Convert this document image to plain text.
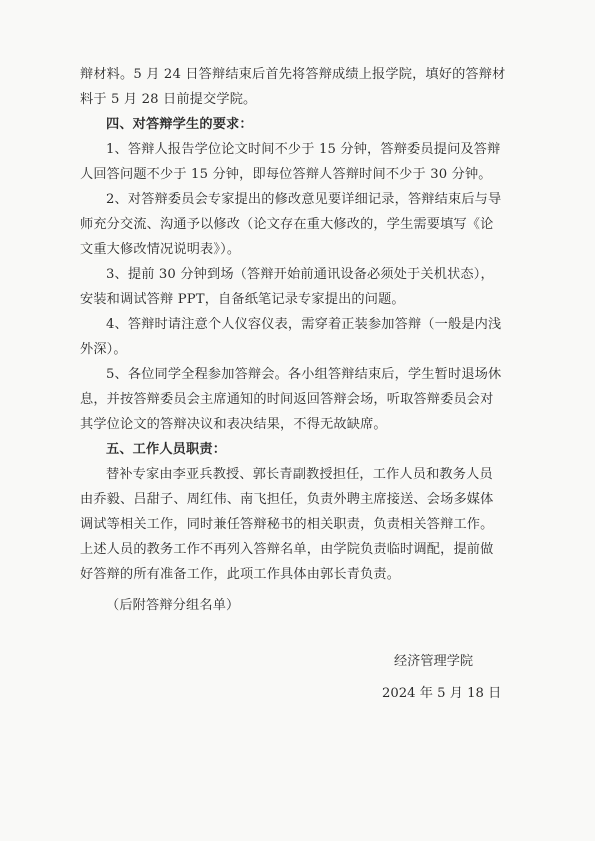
辩材料。5 月 24 日答辩结束后首先将答辩成绩上报学院，填好的答辩材
料于 5 月 28 日前提交学院。
四、对答辩学生的要求：
1、答辩人报告学位论文时间不少于 15 分钟，答辩委员提问及答辩
人回答问题不少于 15 分钟，即每位答辩人答辩时间不少于 30 分钟。
2、对答辩委员会专家提出的修改意见要详细记录，答辩结束后与导
师充分交流、沟通予以修改（论文存在重大修改的，学生需要填写《论
文重大修改情况说明表》）。
3、提前 30 分钟到场（答辩开始前通讯设备必须处于关机状态），
安装和调试答辩 PPT，自备纸笔记录专家提出的问题。
4、答辩时请注意个人仪容仪表，需穿着正装参加答辩（一般是内浅
外深）。
5、各位同学全程参加答辩会。各小组答辩结束后，学生暂时退场休
息，并按答辩委员会主席通知的时间返回答辩会场，听取答辩委员会对
其学位论文的答辩决议和表决结果，不得无故缺席。
五、工作人员职责：
替补专家由李亚兵教授、郭长青副教授担任，工作人员和教务人员
由乔毅、吕甜子、周红伟、南飞担任，负责外聘主席接送、会场多媒体
调试等相关工作，同时兼任答辩秘书的相关职责，负责相关答辩工作。
上述人员的教务工作不再列入答辩名单，由学院负责临时调配，提前做
好答辩的所有准备工作，此项工作具体由郭长青负责。
（后附答辩分组名单）
经济管理学院
2024 年 5 月 18 日
